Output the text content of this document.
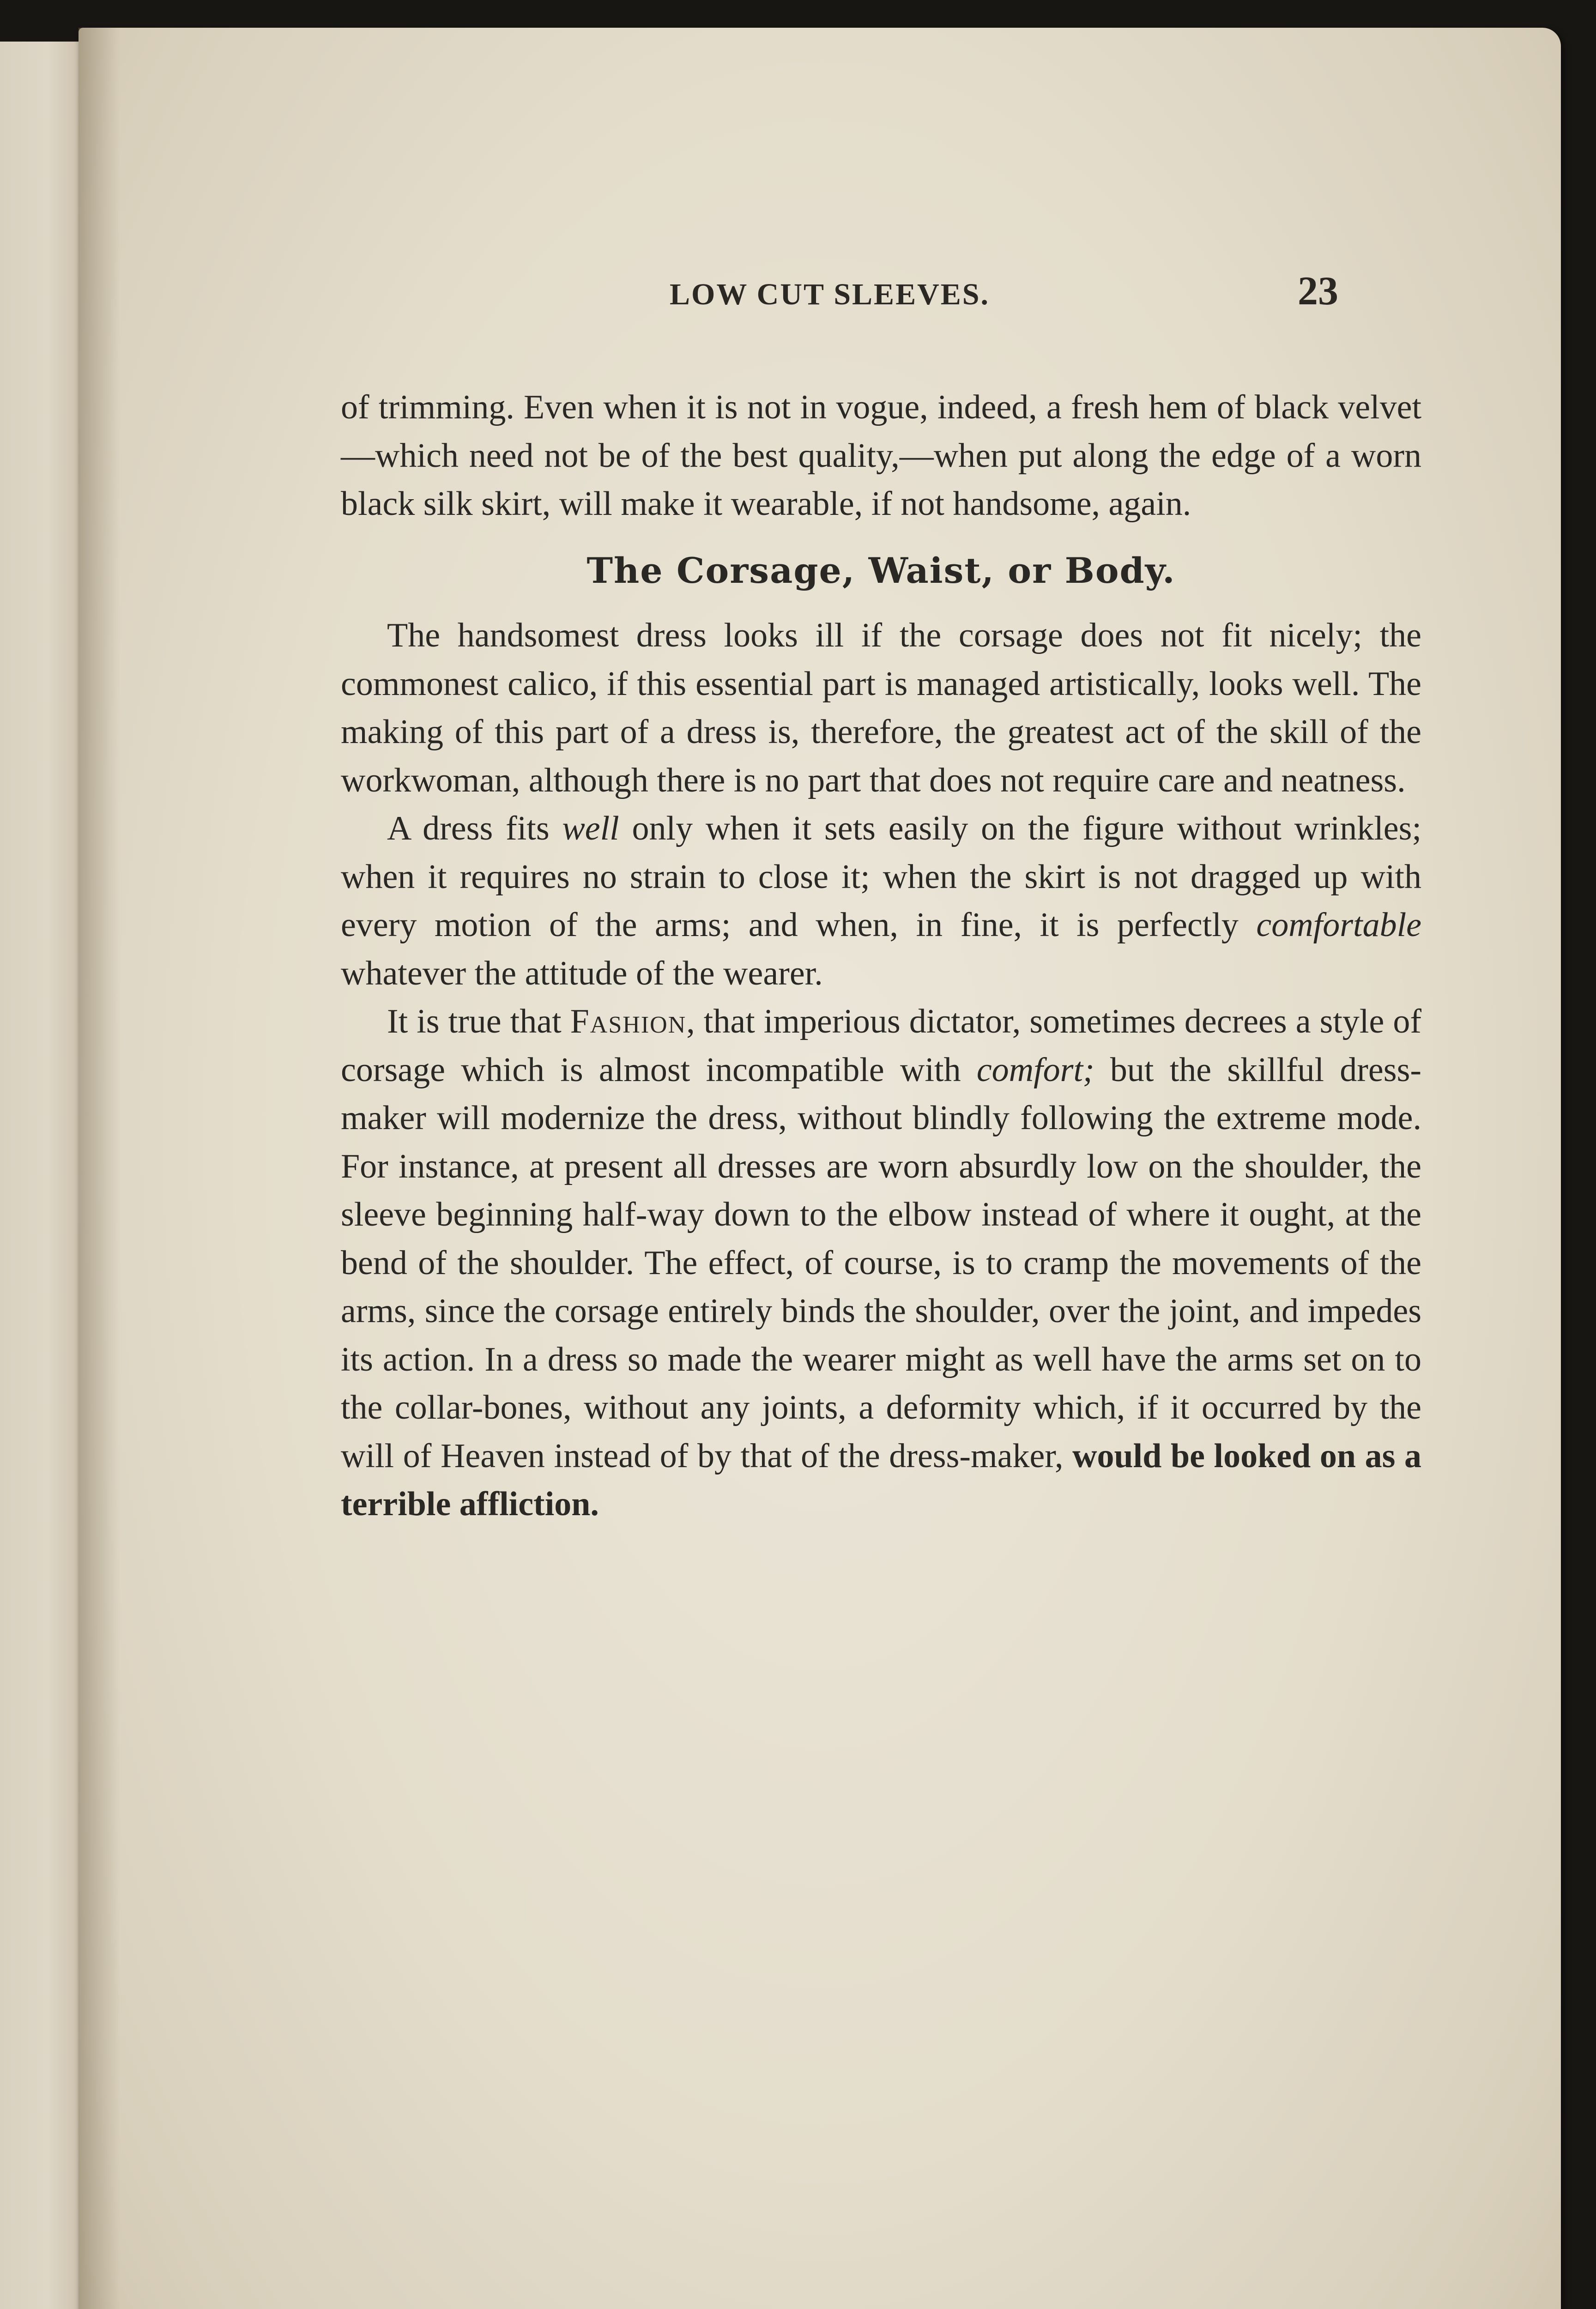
LOW CUT SLEEVES.	23

of trimming. Even when it is not in vogue, indeed, a fresh hem of black velvet—which need not be of the best quality,—when put along the edge of a worn black silk skirt, will make it wearable, if not handsome, again.

The Corsage, Waist, or Body.

The handsomest dress looks ill if the corsage does not fit nicely; the commonest calico, if this essential part is managed artistically, looks well. The making of this part of a dress is, therefore, the greatest act of the skill of the workwoman, although there is no part that does not require care and neatness.

A dress fits well only when it sets easily on the figure without wrinkles; when it requires no strain to close it; when the skirt is not dragged up with every motion of the arms; and when, in fine, it is perfectly comfortable whatever the attitude of the wearer.

It is true that Fashion, that imperious dictator, sometimes decrees a style of corsage which is almost incompatible with comfort; but the skillful dress-maker will modernize the dress, without blindly following the extreme mode. For instance, at present all dresses are worn absurdly low on the shoulder, the sleeve beginning half-way down to the elbow instead of where it ought, at the bend of the shoulder. The effect, of course, is to cramp the movements of the arms, since the corsage entirely binds the shoulder, over the joint, and impedes its action. In a dress so made the wearer might as well have the arms set on to the collar-bones, without any joints, a deformity which, if it occurred by the will of Heaven instead of by that of the dress-maker, would be looked on as a terrible affliction.
